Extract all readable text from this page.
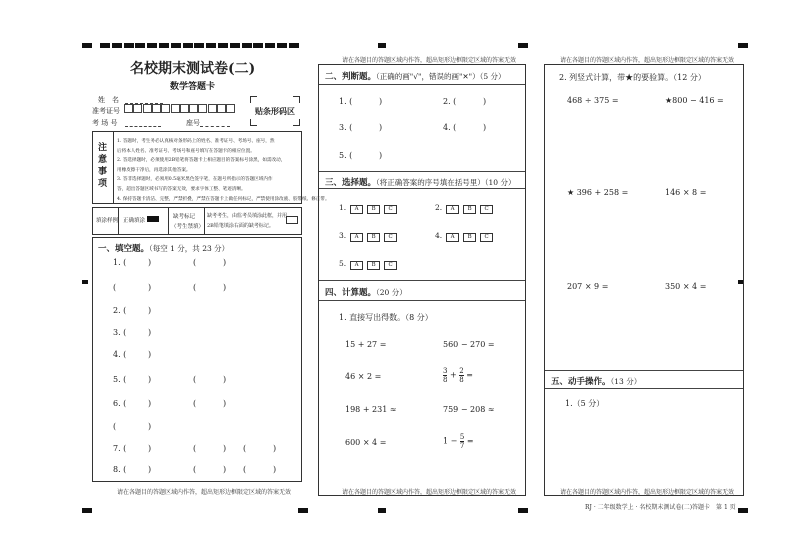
名校期末测试卷(二)
数学答题卡
姓　名
准考证号
考 场 号	座号
贴条形码区
注
意
事
项
1. 答题时，考生务必认真核对条形码上的姓名、准考证号、考场号、座号，然
后将本人姓名、准考证号、考场号和座号填写在答题卡的相应位置。
2. 答选择题时，必须使用2B铅笔将答题卡上相应题目的答案标号涂黑，如需改动，
用橡皮擦干净后，再选涂其他答案。
3. 答非选择题时，必须用0.5毫米黑色签字笔，在题号所指示的答题区域内作
答，超出答题区域书写的答案无效，要求字体工整、笔迹清晰。
4. 保持答题卡清洁、完整，严禁折叠，严禁在答题卡上做任何标记，严禁使用涂改液、胶带纸、修正带。
填涂样例 正确填涂
缺考标记
（考生禁填）
缺考考生，由监考员填涂此框，并用
2B铅笔填涂右面的缺考标记。
一、填空题。（每空 1 分，共 23 分）
1. (	)	(	)
(	)	(	)
2. (	)
3. (	)
4. (	)
5. (	)	(	)
6. (	)	(	)
(	)
7. (	)	(	) (	)
8. (	)	(	) (	)
请在各题目的答题区域内作答，超出矩形边框限定区域的答案无效
请在各题目的答题区域内作答，超出矩形边框限定区域的答案无效
二、判断题。（正确的画"√"，错误的画"✕"）（5 分）
1. (	)	2. (	)
3. (	)	4. (	)
5. (	)
三、选择题。（将正确答案的序号填在括号里）（10 分）
1. A B C	2. A B C
3. A B C	4. A B C
5. A B C
四、计算题。（20 分）
1. 直接写出得数。（8 分）
15 + 27 =	560 − 270 =
46 × 2 =	$\frac{3}{8} + \frac{2}{8}$ =
198 + 231 ≈	759 − 208 ≈
600 × 4 =	$1 - \frac{5}{7}$ =
请在各题目的答题区域内作答，超出矩形边框限定区域的答案无效
请在各题目的答题区域内作答，超出矩形边框限定区域的答案无效
2. 列竖式计算，带★的要验算。（12 分）
468 ÷ 375 =	★800 − 416 =
★ 396 + 258 =	146 × 8 =
207 × 9 =	350 × 4 =
五、动手操作。（13 分）
1.（5 分）
请在各题目的答题区域内作答，超出矩形边框限定区域的答案无效
RJ · 二年级数学上 · 名校期末测试卷(二)答题卡　第 1 页
